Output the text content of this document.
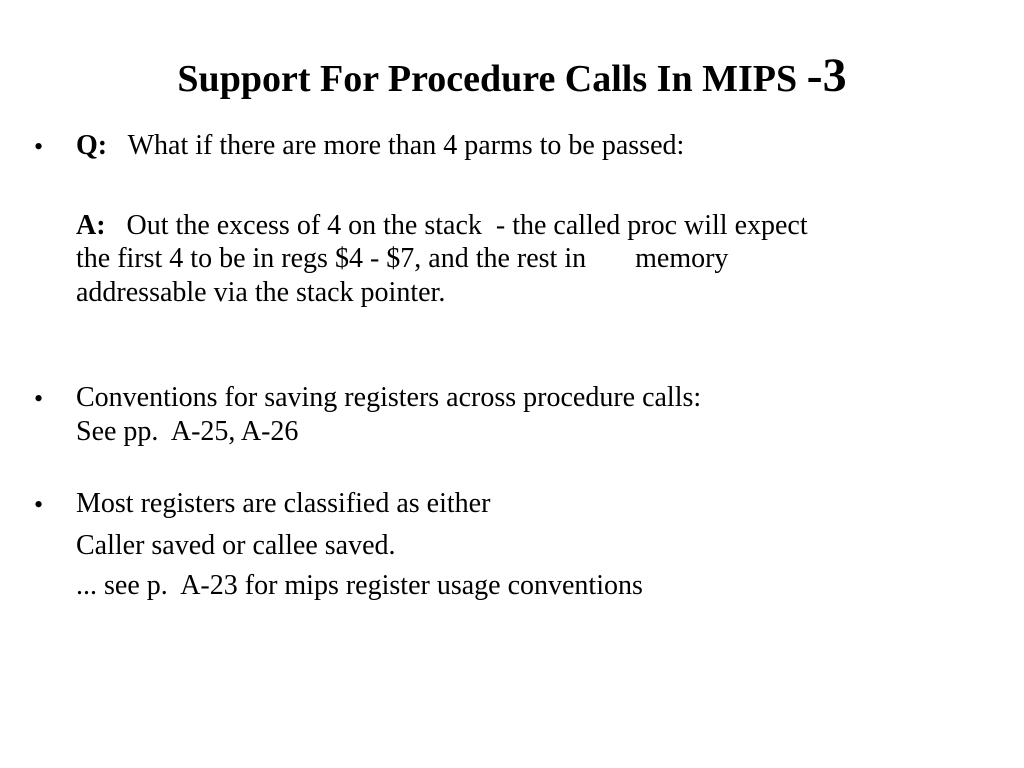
Support For Procedure Calls In MIPS -3
• Q: What if there are more than 4 parms to be passed:
A: Out the excess of 4 on the stack  - the called proc will expect
the first 4 to be in regs $4 - $7, and the rest in       memory
addressable via the stack pointer.
• Conventions for saving registers across procedure calls:
See pp.  A-25, A-26
• Most registers are classified as either
Caller saved or callee saved.
... see p.  A-23 for mips register usage conventions
